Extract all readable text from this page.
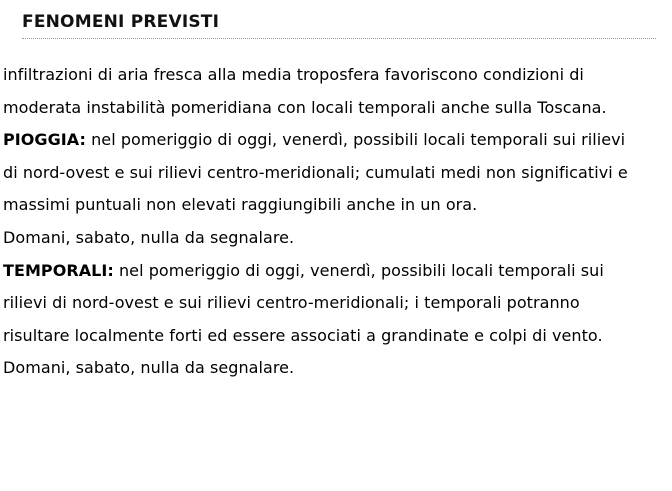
FENOMENI PREVISTI

infiltrazioni di aria fresca alla media troposfera favoriscono condizioni di moderata instabilità pomeridiana con locali temporali anche sulla Toscana.

PIOGGIA: nel pomeriggio di oggi, venerdì, possibili locali temporali sui rilievi di nord-ovest e sui rilievi centro-meridionali; cumulati medi non significativi e massimi puntuali non elevati raggiungibili anche in un ora.

Domani, sabato, nulla da segnalare.

TEMPORALI: nel pomeriggio di oggi, venerdì, possibili locali temporali sui rilievi di nord-ovest e sui rilievi centro-meridionali; i temporali potranno risultare localmente forti ed essere associati a grandinate e colpi di vento.

Domani, sabato, nulla da segnalare.
